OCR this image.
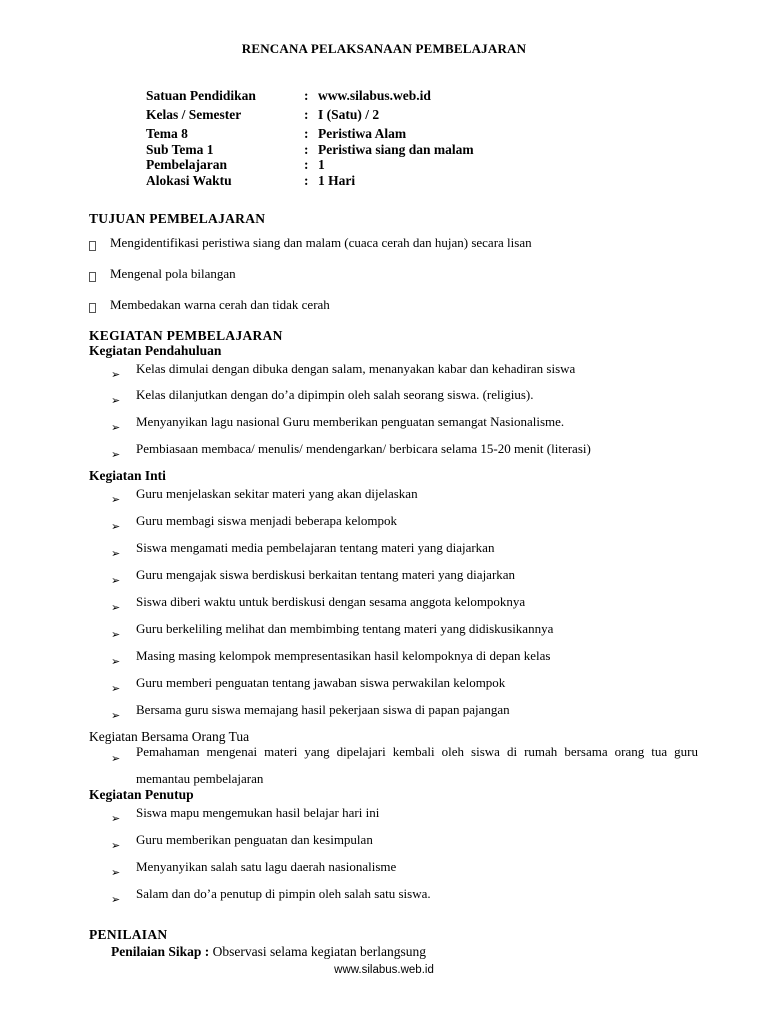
RENCANA PELAKSANAAN PEMBELAJARAN
Satuan Pendidikan	: www.silabus.web.id
Kelas / Semester	: I (Satu) / 2
Tema 8	: Peristiwa Alam
Sub Tema 1	: Peristiwa siang dan malam
Pembelajaran	: 1
Alokasi Waktu	: 1 Hari
TUJUAN PEMBELAJARAN
Mengidentifikasi peristiwa siang dan malam (cuaca cerah dan hujan) secara lisan
Mengenal pola bilangan
Membedakan warna cerah dan tidak cerah
KEGIATAN PEMBELAJARAN
Kegiatan Pendahuluan
➢	Kelas dimulai dengan dibuka dengan salam, menanyakan kabar dan kehadiran siswa
➢	Kelas dilanjutkan dengan do’a dipimpin oleh salah seorang siswa. (religius).
➢	Menyanyikan lagu nasional Guru memberikan penguatan semangat Nasionalisme.
➢	Pembiasaan membaca/ menulis/ mendengarkan/ berbicara selama 15-20 menit (literasi)
Kegiatan Inti
➢	Guru menjelaskan sekitar materi yang akan dijelaskan
➢	Guru membagi siswa menjadi beberapa kelompok
➢	Siswa mengamati media pembelajaran tentang materi yang diajarkan
➢	Guru mengajak siswa berdiskusi berkaitan tentang materi yang diajarkan
➢	Siswa diberi waktu untuk berdiskusi dengan sesama anggota kelompoknya
➢	Guru berkeliling melihat dan membimbing tentang materi yang didiskusikannya
➢	Masing masing kelompok mempresentasikan hasil kelompoknya di depan kelas
➢	Guru memberi penguatan tentang jawaban siswa perwakilan kelompok
➢	Bersama guru siswa memajang hasil pekerjaan siswa di papan pajangan
Kegiatan Bersama Orang Tua
➢	Pemahaman mengenai materi yang dipelajari kembali oleh siswa di rumah bersama orang tua guru memantau pembelajaran
Kegiatan Penutup
➢	Siswa mapu mengemukan hasil belajar hari ini
➢	Guru memberikan penguatan dan kesimpulan
➢	Menyanyikan salah satu lagu daerah nasionalisme
➢	Salam dan do’a penutup di pimpin oleh salah satu siswa.
PENILAIAN
Penilaian Sikap : Observasi selama kegiatan berlangsung
www.silabus.web.id
